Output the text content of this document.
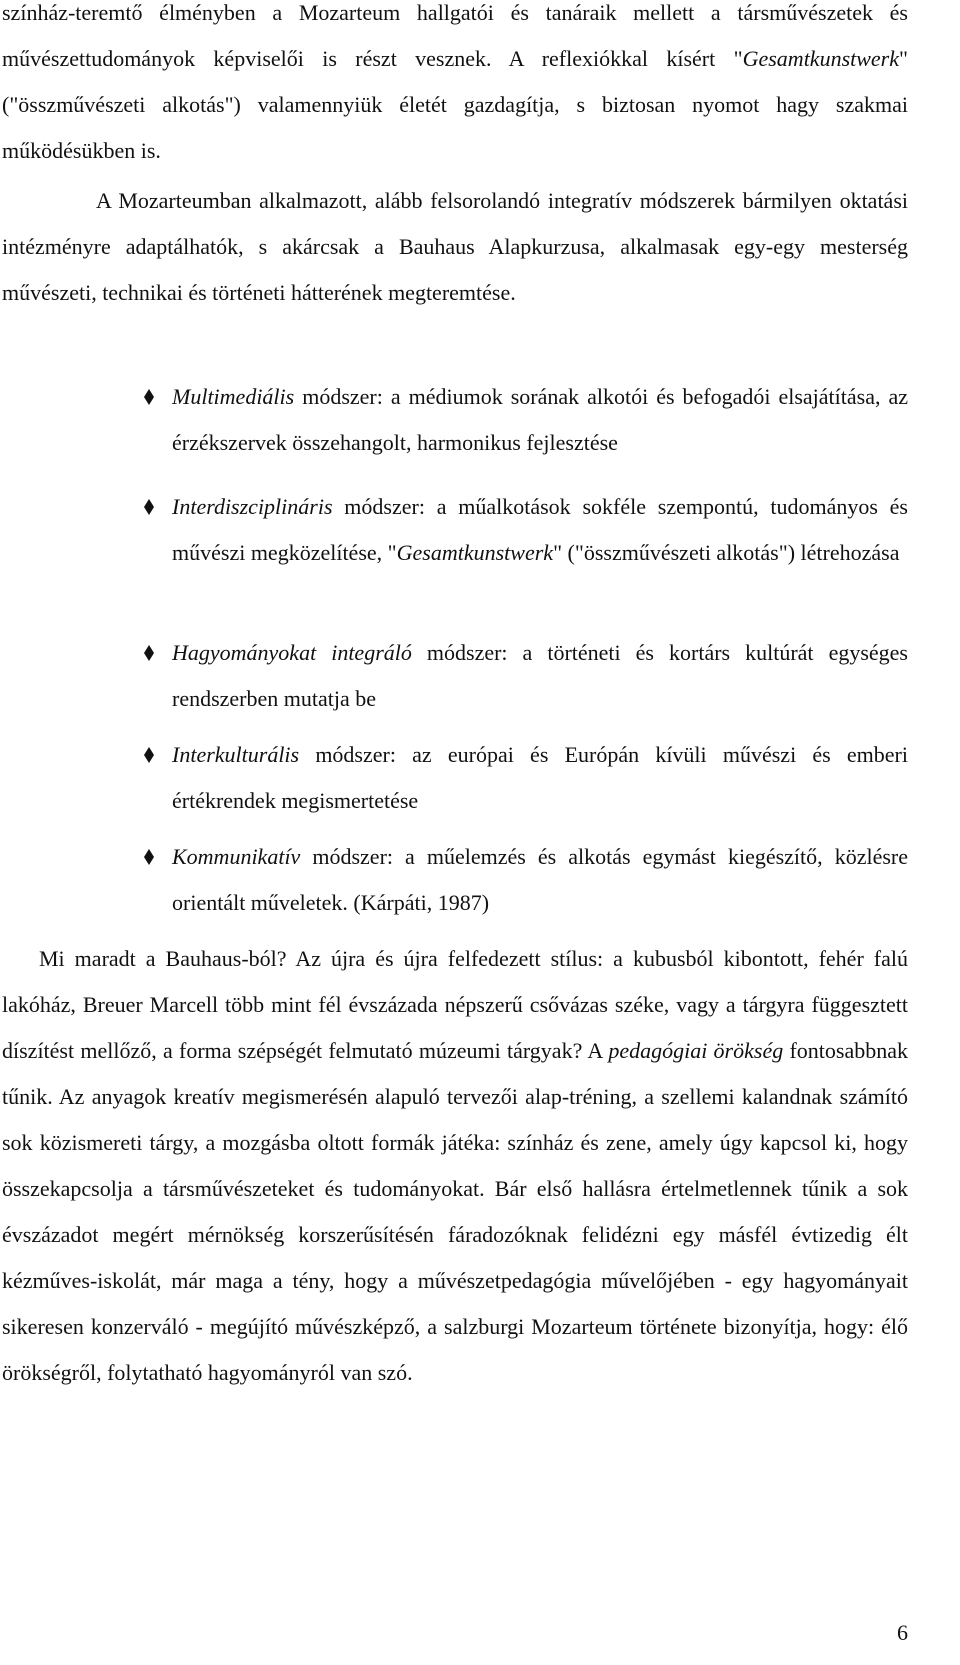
színház-teremtő élményben a Mozarteum hallgatói és tanáraik mellett a társművészetek és művészettudományok képviselői is részt vesznek. A reflexiókkal kísért "Gesamtkunstwerk" ("összművészeti alkotás") valamennyiük életét gazdagítja, s biztosan nyomot hagy szakmai működésükben is.

A Mozarteumban alkalmazott, alább felsorolandó integratív módszerek bármilyen oktatási intézményre adaptálhatók, s akárcsak a Bauhaus Alapkurzusa, alkalmasak egy-egy mesterség művészeti, technikai és történeti hátterének megteremtése.

Multimediális módszer: a médiumok sorának alkotói és befogadói elsajátítása, az érzékszervek összehangolt, harmonikus fejlesztése

Interdiszciplináris módszer: a műalkotások sokféle szempontú, tudományos és művészi megközelítése, "Gesamtkunstwerk" ("összművészeti alkotás") létrehozása

Hagyományokat integráló módszer: a történeti és kortárs kultúrát egységes rendszerben mutatja be

Interkulturális módszer: az európai és Európán kívüli művészi és emberi értékrendek megismertetése

Kommunikatív módszer: a műelemzés és alkotás egymást kiegészítő, közlésre orientált műveletek. (Kárpáti, 1987)

Mi maradt a Bauhaus-ból? Az újra és újra felfedezett stílus: a kubusból kibontott, fehér falú lakóház, Breuer Marcell több mint fél évszázada népszerű csővázas széke, vagy a tárgyra függesztett díszítést mellőző, a forma szépségét felmutató múzeumi tárgyak? A pedagógiai örökség fontosabbnak tűnik. Az anyagok kreatív megismerésén alapuló tervezői alap-tréning, a szellemi kalandnak számító sok közismereti tárgy, a mozgásba oltott formák játéka: színház és zene, amely úgy kapcsol ki, hogy összekapcsolja a társművészeteket és tudományokat. Bár első hallásra értelmetlennek tűnik a sok évszázadot megért mérnökség korszerűsítésén fáradozóknak felidézni egy másfél évtizedig élt kézműves-iskolát, már maga a tény, hogy a művészetpedagógia művelőjében - egy hagyományait sikeresen konzerváló - megújító művészképző, a salzburgi Mozarteum története bizonyítja, hogy: élő örökségről, folytatható hagyományról van szó.

6
